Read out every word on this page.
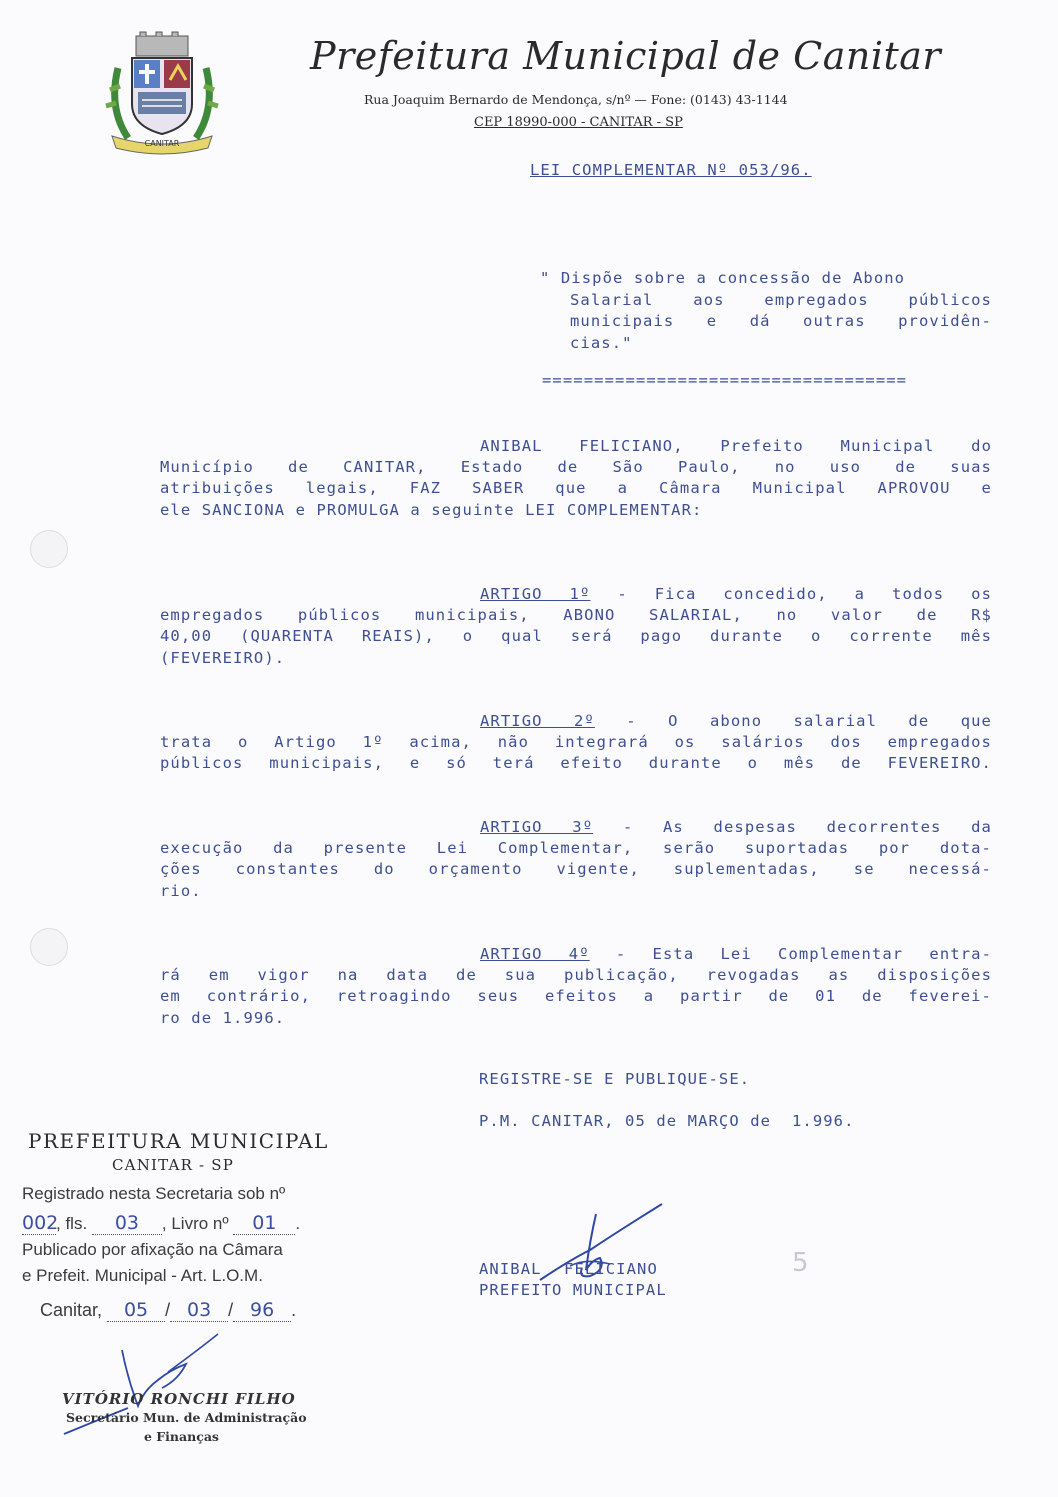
CANITAR
Prefeitura Municipal de Canitar
Rua Joaquim Bernardo de Mendonça, s/nº — Fone: (0143) 43-1144
CEP 18990-000 - CANITAR - SP
LEI COMPLEMENTAR Nº 053/96.
" Dispõe sobre a concessão de Abono
Salarial aos empregados públicos
municipais e dá outras providên-
cias."
===================================
ANIBAL FELICIANO, Prefeito Municipal do
Município de CANITAR, Estado de São Paulo, no uso de suas
atribuições legais, FAZ SABER que a Câmara Municipal APROVOU e
ele SANCIONA e PROMULGA a seguinte LEI COMPLEMENTAR:
ARTIGO 1º - Fica concedido, a todos os
empregados públicos municipais, ABONO SALARIAL, no valor de R$
40,00 (QUARENTA REAIS), o qual será pago durante o corrente mês
(FEVEREIRO).
ARTIGO 2º - O abono salarial de que
trata o Artigo 1º acima, não integrará os salários dos empregados
públicos municipais, e só terá efeito durante o mês de FEVEREIRO.
ARTIGO 3º - As despesas decorrentes da
execução da presente Lei Complementar, serão suportadas por dota-
ções constantes do orçamento vigente, suplementadas, se necessá-
rio.
ARTIGO 4º - Esta Lei Complementar entra-
rá em vigor na data de sua publicação, revogadas as disposições
em contrário, retroagindo seus efeitos a partir de 01 de feverei-
ro de 1.996.
REGISTRE-SE E PUBLIQUE-SE.
P.M. CANITAR, 05 de MARÇO de  1.996.
ANIBAL FELICIANO
PREFEITO MUNICIPAL
5
PREFEITURA MUNICIPAL
CANITAR - SP
Registrado nesta Secretaria sob nº
002, fls. 03 , Livro nº 01 .
Publicado por afixação na Câmara
e Prefeit. Municipal - Art. L.O.M.
Canitar, 05 / 03 / 96 .
VITÓRIO RONCHI FILHO
Secretário Mun. de Administração
e Finanças
